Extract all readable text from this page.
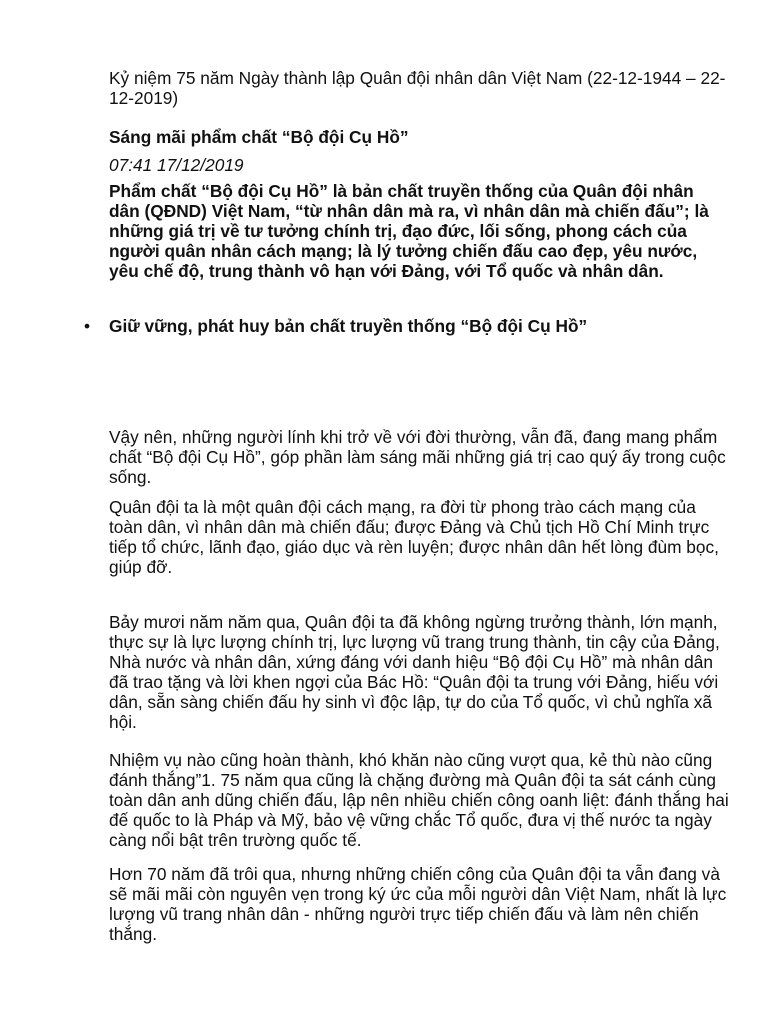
Kỷ niệm 75 năm Ngày thành lập Quân đội nhân dân Việt Nam (22-12-1944 – 22-12-2019)

Sáng mãi phẩm chất “Bộ đội Cụ Hồ”

07:41 17/12/2019

Phẩm chất “Bộ đội Cụ Hồ” là bản chất truyền thống của Quân đội nhân dân (QĐND) Việt Nam, “từ nhân dân mà ra, vì nhân dân mà chiến đấu”; là những giá trị về tư tưởng chính trị, đạo đức, lối sống, phong cách của người quân nhân cách mạng; là lý tưởng chiến đấu cao đẹp, yêu nước, yêu chế độ, trung thành vô hạn với Đảng, với Tổ quốc và nhân dân.

• Giữ vững, phát huy bản chất truyền thống “Bộ đội Cụ Hồ”

Vậy nên, những người lính khi trở về với đời thường, vẫn đã, đang mang phẩm chất “Bộ đội Cụ Hồ”, góp phần làm sáng mãi những giá trị cao quý ấy trong cuộc sống.

Quân đội ta là một quân đội cách mạng, ra đời từ phong trào cách mạng của toàn dân, vì nhân dân mà chiến đấu; được Đảng và Chủ tịch Hồ Chí Minh trực tiếp tổ chức, lãnh đạo, giáo dục và rèn luyện; được nhân dân hết lòng đùm bọc, giúp đỡ.

Bảy mươi năm năm qua, Quân đội ta đã không ngừng trưởng thành, lớn mạnh, thực sự là lực lượng chính trị, lực lượng vũ trang trung thành, tin cậy của Đảng, Nhà nước và nhân dân, xứng đáng với danh hiệu “Bộ đội Cụ Hồ” mà nhân dân đã trao tặng và lời khen ngợi của Bác Hồ: “Quân đội ta trung với Đảng, hiếu với dân, sẵn sàng chiến đấu hy sinh vì độc lập, tự do của Tổ quốc, vì chủ nghĩa xã hội.

Nhiệm vụ nào cũng hoàn thành, khó khăn nào cũng vượt qua, kẻ thù nào cũng đánh thắng”1. 75 năm qua cũng là chặng đường mà Quân đội ta sát cánh cùng toàn dân anh dũng chiến đấu, lập nên nhiều chiến công oanh liệt: đánh thắng hai đế quốc to là Pháp và Mỹ, bảo vệ vững chắc Tổ quốc, đưa vị thế nước ta ngày càng nổi bật trên trường quốc tế.

Hơn 70 năm đã trôi qua, nhưng những chiến công của Quân đội ta vẫn đang và sẽ mãi mãi còn nguyên vẹn trong ký ức của mỗi người dân Việt Nam, nhất là lực lượng vũ trang nhân dân - những người trực tiếp chiến đấu và làm nên chiến thắng.
